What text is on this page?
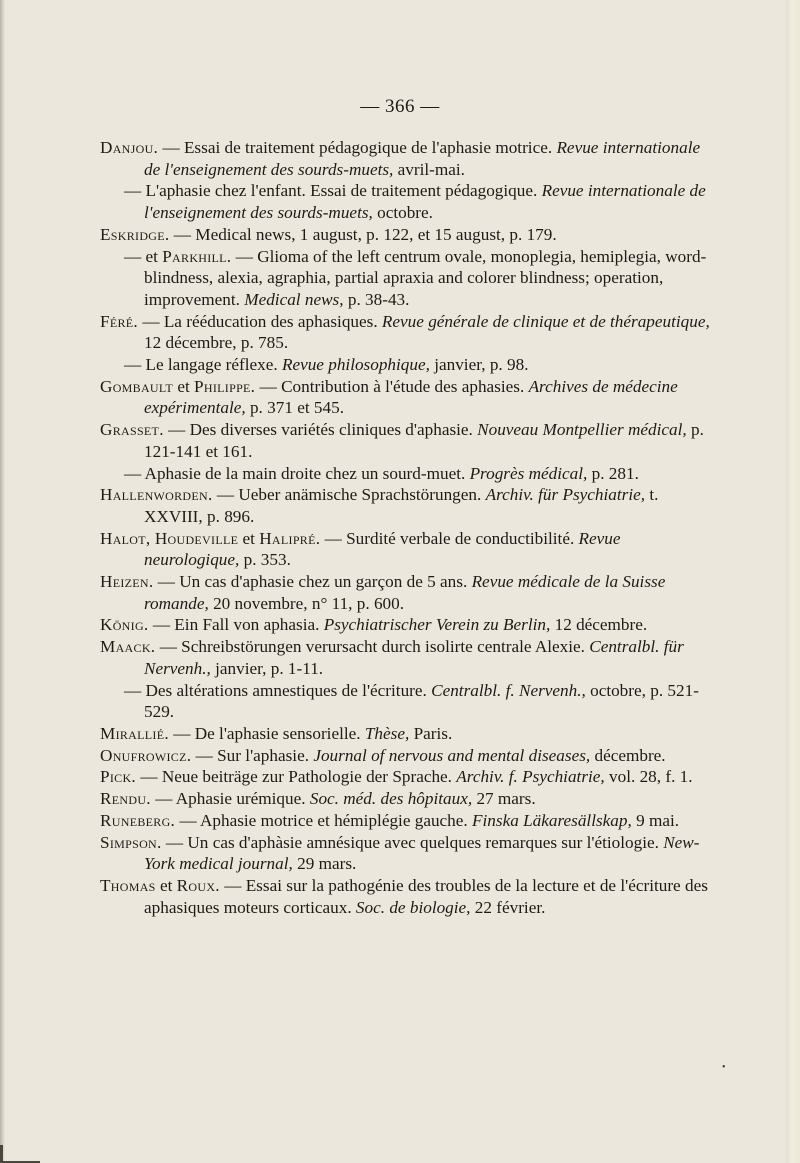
— 366 —

Danjou. — Essai de traitement pédagogique de l'aphasie motrice. Revue internationale de l'enseignement des sourds-muets, avril-mai.

— L'aphasie chez l'enfant. Essai de traitement pédagogique. Revue internationale de l'enseignement des sourds-muets, octobre.

Eskridge. — Medical news, 1 august, p. 122, et 15 august, p. 179.

— et Parkhill. — Glioma of the left centrum ovale, monoplegia, hemiplegia, word-blindness, alexia, agraphia, partial apraxia and colorer blindness; operation, improvement. Medical news, p. 38-43.

Féré. — La rééducation des aphasiques. Revue générale de clinique et de thérapeutique, 12 décembre, p. 785.

— Le langage réflexe. Revue philosophique, janvier, p. 98.

Gombault et Philippe. — Contribution à l'étude des aphasies. Archives de médecine expérimentale, p. 371 et 545.

Grasset. — Des diverses variétés cliniques d'aphasie. Nouveau Montpellier médical, p. 121-141 et 161.

— Aphasie de la main droite chez un sourd-muet. Progrès médical, p. 281.

Hallenworden. — Ueber anämische Sprachstörungen. Archiv. für Psychiatrie, t. XXVIII, p. 896.

Halot, Houdeville et Halipré. — Surdité verbale de conductibilité. Revue neurologique, p. 353.

Heizen. — Un cas d'aphasie chez un garçon de 5 ans. Revue médicale de la Suisse romande, 20 novembre, n° 11, p. 600.

König. — Ein Fall von aphasia. Psychiatrischer Verein zu Berlin, 12 décembre.

Maack. — Schreibstörungen verursacht durch isolirte centrale Alexie. Centralbl. für Nervenh., janvier, p. 1-11.

— Des altérations amnestiques de l'écriture. Centralbl. f. Nervenh., octobre, p. 521-529.

Mirallié. — De l'aphasie sensorielle. Thèse, Paris.

Onufrowicz. — Sur l'aphasie. Journal of nervous and mental diseases, décembre.

Pick. — Neue beiträge zur Pathologie der Sprache. Archiv. f. Psychiatrie, vol. 28, f. 1.

Rendu. — Aphasie urémique. Soc. méd. des hôpitaux, 27 mars.

Runeberg. — Aphasie motrice et hémiplégie gauche. Finska Läkaresällskap, 9 mai.

Simpson. — Un cas d'aphàsie amnésique avec quelques remarques sur l'étiologie. New-York medical journal, 29 mars.

Thomas et Roux. — Essai sur la pathogénie des troubles de la lecture et de l'écriture des aphasiques moteurs corticaux. Soc. de biologie, 22 février.

•
